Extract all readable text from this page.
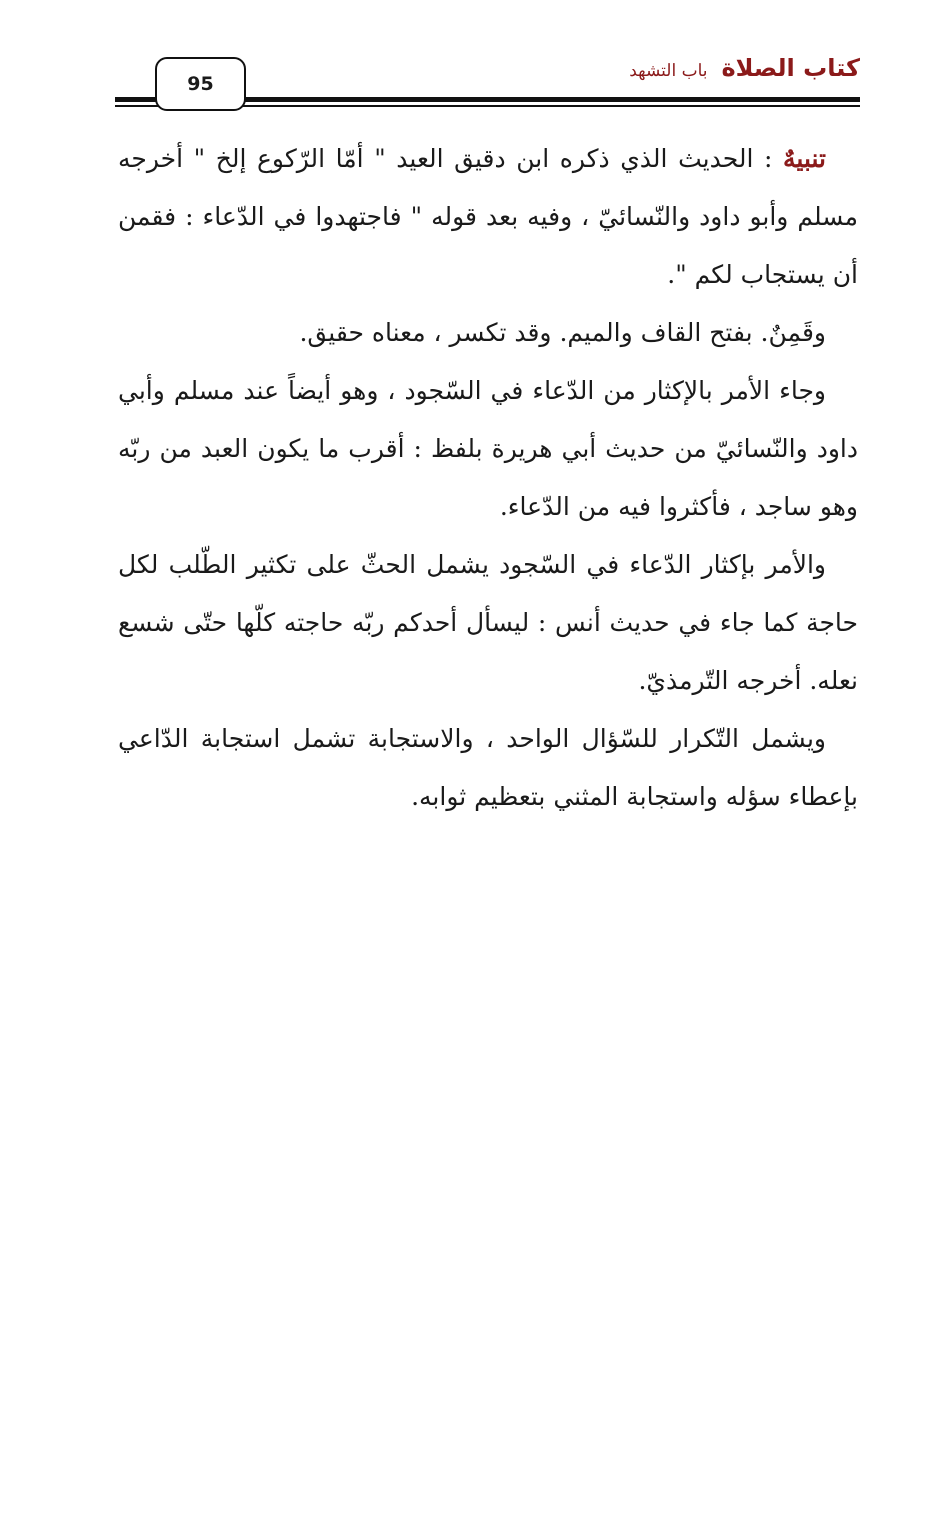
95
كتاب الصلاة
باب التشهد

تنبيهٌ : الحديث الذي ذكره ابن دقيق العيد " أمّا الرّكوع إلخ " أخرجه مسلم وأبو داود والنّسائيّ ، وفيه بعد قوله " فاجتهدوا في الدّعاء : فقمن أن يستجاب لكم ".

وقَمِنٌ. بفتح القاف والميم. وقد تكسر ، معناه حقيق.

وجاء الأمر بالإكثار من الدّعاء في السّجود ، وهو أيضاً عند مسلم وأبي داود والنّسائيّ من حديث أبي هريرة بلفظ : أقرب ما يكون العبد من ربّه وهو ساجد ، فأكثروا فيه من الدّعاء.

والأمر بإكثار الدّعاء في السّجود يشمل الحثّ على تكثير الطّلب لكل حاجة كما جاء في حديث أنس : ليسأل أحدكم ربّه حاجته كلّها حتّى شسع نعله. أخرجه التّرمذيّ.

ويشمل التّكرار للسّؤال الواحد ، والاستجابة تشمل استجابة الدّاعي بإعطاء سؤله واستجابة المثني بتعظيم ثوابه.
